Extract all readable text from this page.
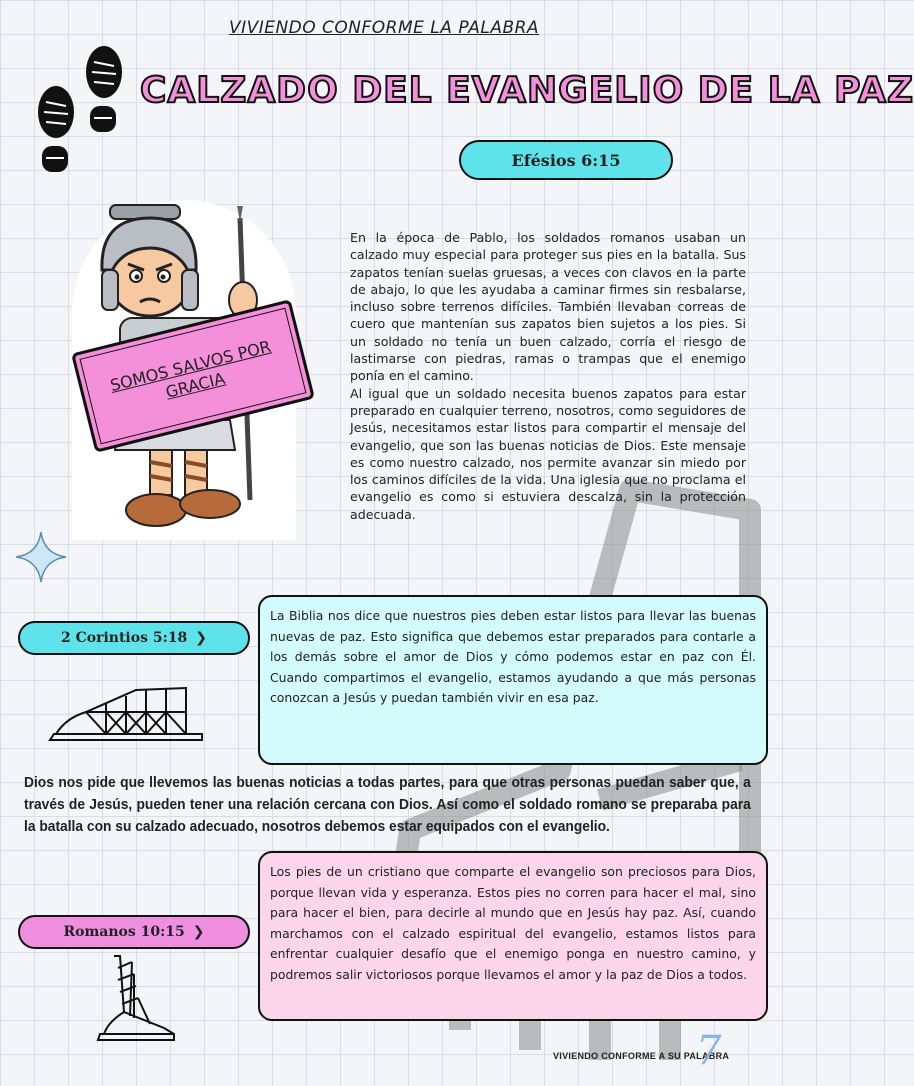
VIVIENDO CONFORME LA PALABRA
CALZADO DEL EVANGELIO DE LA PAZ
Efésios 6:15
SOMOS SALVOS POR GRACIA

En la época de Pablo, los soldados romanos usaban un calzado muy especial para proteger sus pies en la batalla. Sus zapatos tenían suelas gruesas, a veces con clavos en la parte de abajo, lo que les ayudaba a caminar firmes sin resbalarse, incluso sobre terrenos difíciles. También llevaban correas de cuero que mantenían sus zapatos bien sujetos a los pies. Si un soldado no tenía un buen calzado, corría el riesgo de lastimarse con piedras, ramas o trampas que el enemigo ponía en el camino.

Al igual que un soldado necesita buenos zapatos para estar preparado en cualquier terreno, nosotros, como seguidores de Jesús, necesitamos estar listos para compartir el mensaje del evangelio, que son las buenas noticias de Dios. Este mensaje es como nuestro calzado, nos permite avanzar sin miedo por los caminos difíciles de la vida. Una iglesia que no proclama el evangelio es como si estuviera descalza, sin la protección adecuada.

2 Corintios 5:18 ❯
La Biblia nos dice que nuestros pies deben estar listos para llevar las buenas nuevas de paz. Esto significa que debemos estar preparados para contarle a los demás sobre el amor de Dios y cómo podemos estar en paz con Él. Cuando compartimos el evangelio, estamos ayudando a que más personas conozcan a Jesús y puedan también vivir en esa paz.
Dios nos pide que llevemos las buenas noticias a todas partes, para que otras personas puedan saber que, a través de Jesús, pueden tener una relación cercana con Dios. Así como el soldado romano se preparaba para la batalla con su calzado adecuado, nosotros debemos estar equipados con el evangelio.
Romanos 10:15 ❯
Los pies de un cristiano que comparte el evangelio son preciosos para Dios, porque llevan vida y esperanza. Estos pies no corren para hacer el mal, sino para hacer el bien, para decirle al mundo que en Jesús hay paz. Así, cuando marchamos con el calzado espiritual del evangelio, estamos listos para enfrentar cualquier desafío que el enemigo ponga en nuestro camino, y podremos salir victoriosos porque llevamos el amor y la paz de Dios a todos.
VIVIENDO CONFORME A SU PALABRA
7
